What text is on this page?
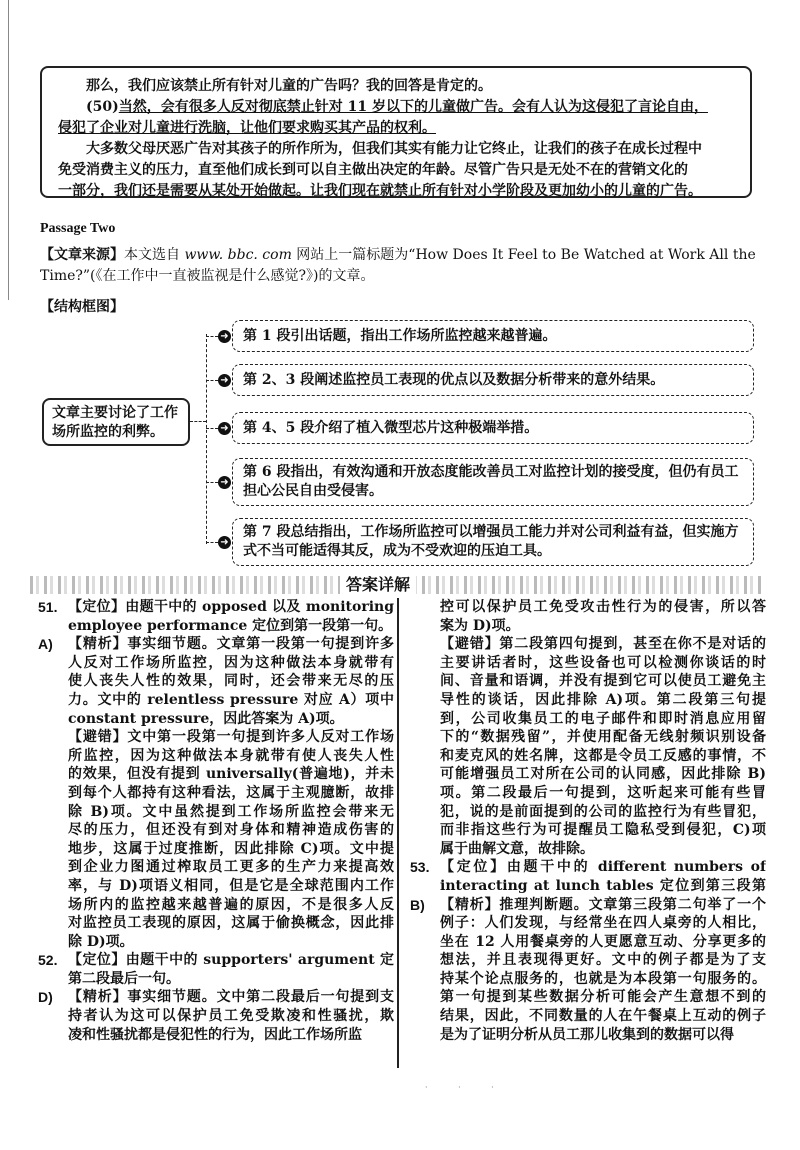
那么，我们应该禁止所有针对儿童的广告吗？我的回答是肯定的。
(50)当然，会有很多人反对彻底禁止针对 11 岁以下的儿童做广告。会有人认为这侵犯了言论自由，
侵犯了企业对儿童进行洗脑，让他们要求购买其产品的权利。
大多数父母厌恶广告对其孩子的所作所为，但我们其实有能力让它终止，让我们的孩子在成长过程中
免受消费主义的压力，直至他们成长到可以自主做出决定的年龄。尽管广告只是无处不在的营销文化的
一部分，我们还是需要从某处开始做起。让我们现在就禁止所有针对小学阶段及更加幼小的儿童的广告。
Passage Two
【文章来源】本文选自 www. bbc. com 网站上一篇标题为“How Does It Feel to Be Watched at Work All the
Time?”(《在工作中一直被监视是什么感觉?》)的文章。
【结构框图】
文章主要讨论了工作
场所监控的利弊。
➜ 第 1 段引出话题，指出工作场所监控越来越普遍。
➜ 第 2、3 段阐述监控员工表现的优点以及数据分析带来的意外结果。
➜ 第 4、5 段介绍了植入微型芯片这种极端举措。
➜
第 6 段指出，有效沟通和开放态度能改善员工对监控计划的接受度，但仍有员工
担心公民自由受侵害。
➜
第 7 段总结指出，工作场所监控可以增强员工能力并对公司利益有益，但实施方
式不当可能适得其反，成为不受欢迎的压迫工具。
答案详解
51. 【定位】由题干中的 opposed 以及 monitoring
employee performance 定位到第一段第一句。
A) 【精析】事实细节题。文章第一段第一句提到许多
人反对工作场所监控，因为这种做法本身就带有
使人丧失人性的效果，同时，还会带来无尽的压
力。文中的 relentless pressure 对应 A）项中
constant pressure，因此答案为 A)项。
【避错】文中第一段第一句提到许多人反对工作场
所监控，因为这种做法本身就带有使人丧失人性
的效果，但没有提到 universally(普遍地)，并未
到每个人都持有这种看法，这属于主观臆断，故排
除 B)项。文中虽然提到工作场所监控会带来无
尽的压力，但还没有到对身体和精神造成伤害的
地步，这属于过度推断，因此排除 C)项。文中提
到企业力图通过榨取员工更多的生产力来提高效
率，与 D)项语义相同，但是它是全球范围内工作
场所内的监控越来越普遍的原因，不是很多人反
对监控员工表现的原因，这属于偷换概念，因此排
除 D)项。
52. 【定位】由题干中的 supporters' argument 定
第二段最后一句。
D) 【精析】事实细节题。文中第二段最后一句提到支
持者认为这可以保护员工免受欺凌和性骚扰，欺
凌和性骚扰都是侵犯性的行为，因此工作场所监
控可以保护员工免受攻击性行为的侵害，所以答
案为 D)项。
【避错】第二段第四句提到，甚至在你不是对话的
主要讲话者时，这些设备也可以检测你谈话的时
间、音量和语调，并没有提到它可以使员工避免主
导性的谈话，因此排除 A)项。第二段第三句提
到，公司收集员工的电子邮件和即时消息应用留
下的“数据残留”，并使用配备无线射频识别设备
和麦克风的姓名牌，这都是令员工反感的事情，不
可能增强员工对所在公司的认同感，因此排除 B)
项。第二段最后一句提到，这听起来可能有些冒
犯，说的是前面提到的公司的监控行为有些冒犯，
而非指这些行为可提醒员工隐私受到侵犯，C)项
属于曲解文意，故排除。
53. 【定位】由题干中的 different numbers of
interacting at lunch tables 定位到第三段第
B) 【精析】推理判断题。文章第三段第二句举了一个
例子：人们发现，与经常坐在四人桌旁的人相比，
坐在 12 人用餐桌旁的人更愿意互动、分享更多的
想法，并且表现得更好。文中的例子都是为了支
持某个论点服务的，也就是为本段第一句服务的。
第一句提到某些数据分析可能会产生意想不到的
结果，因此，不同数量的人在午餐桌上互动的例子
是为了证明分析从员工那儿收集到的数据可以得
· · ·
